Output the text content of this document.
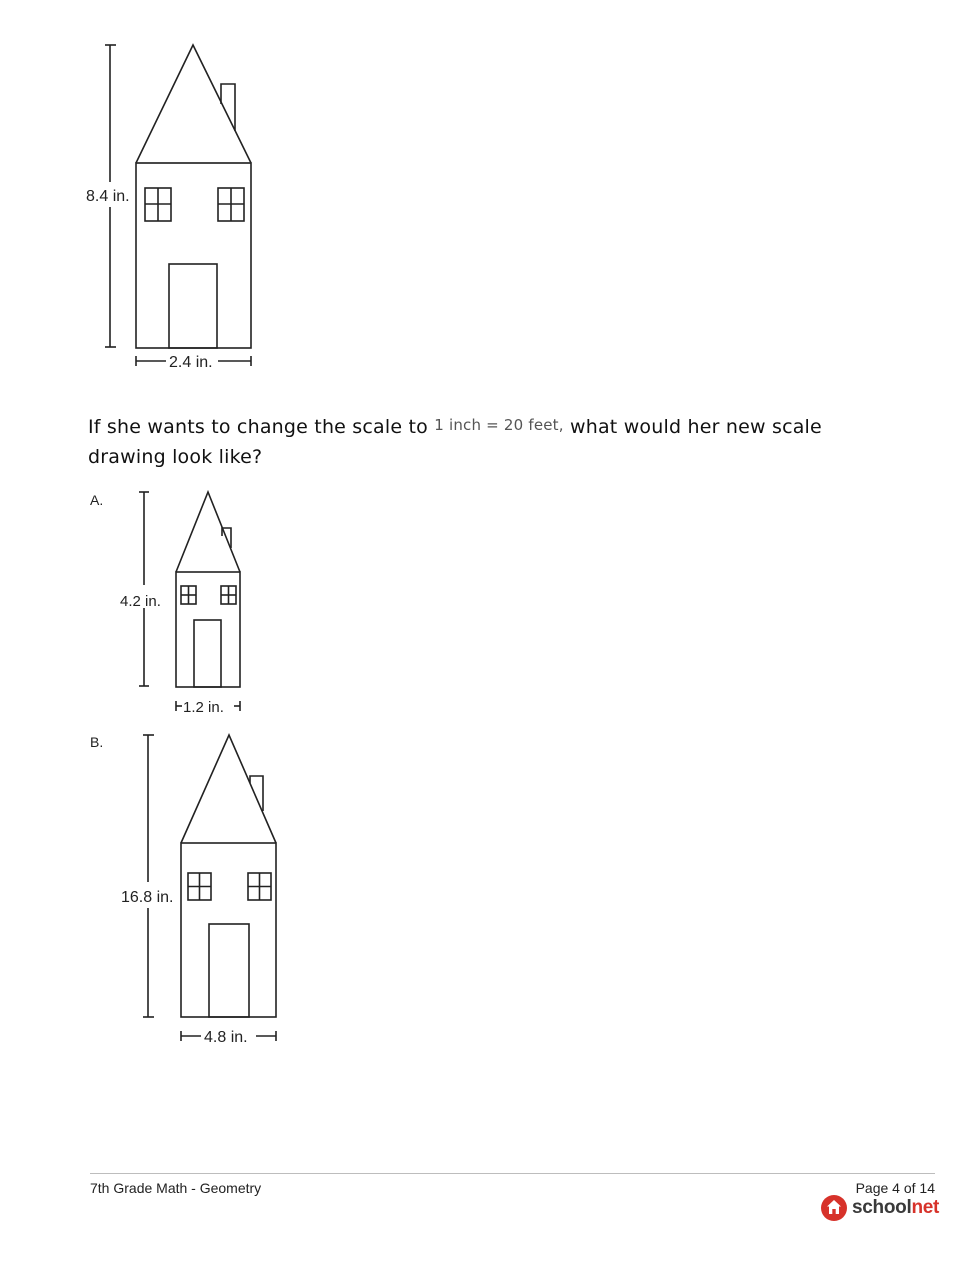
8.4 in.
2.4 in.
If she wants to change the scale to 1 inch = 20 feet, what would her new scale drawing look like?
A.
4.2 in.
1.2 in.
B.
16.8 in.
4.8 in.
7th Grade Math - Geometry	Page 4 of 14
schoolnet
